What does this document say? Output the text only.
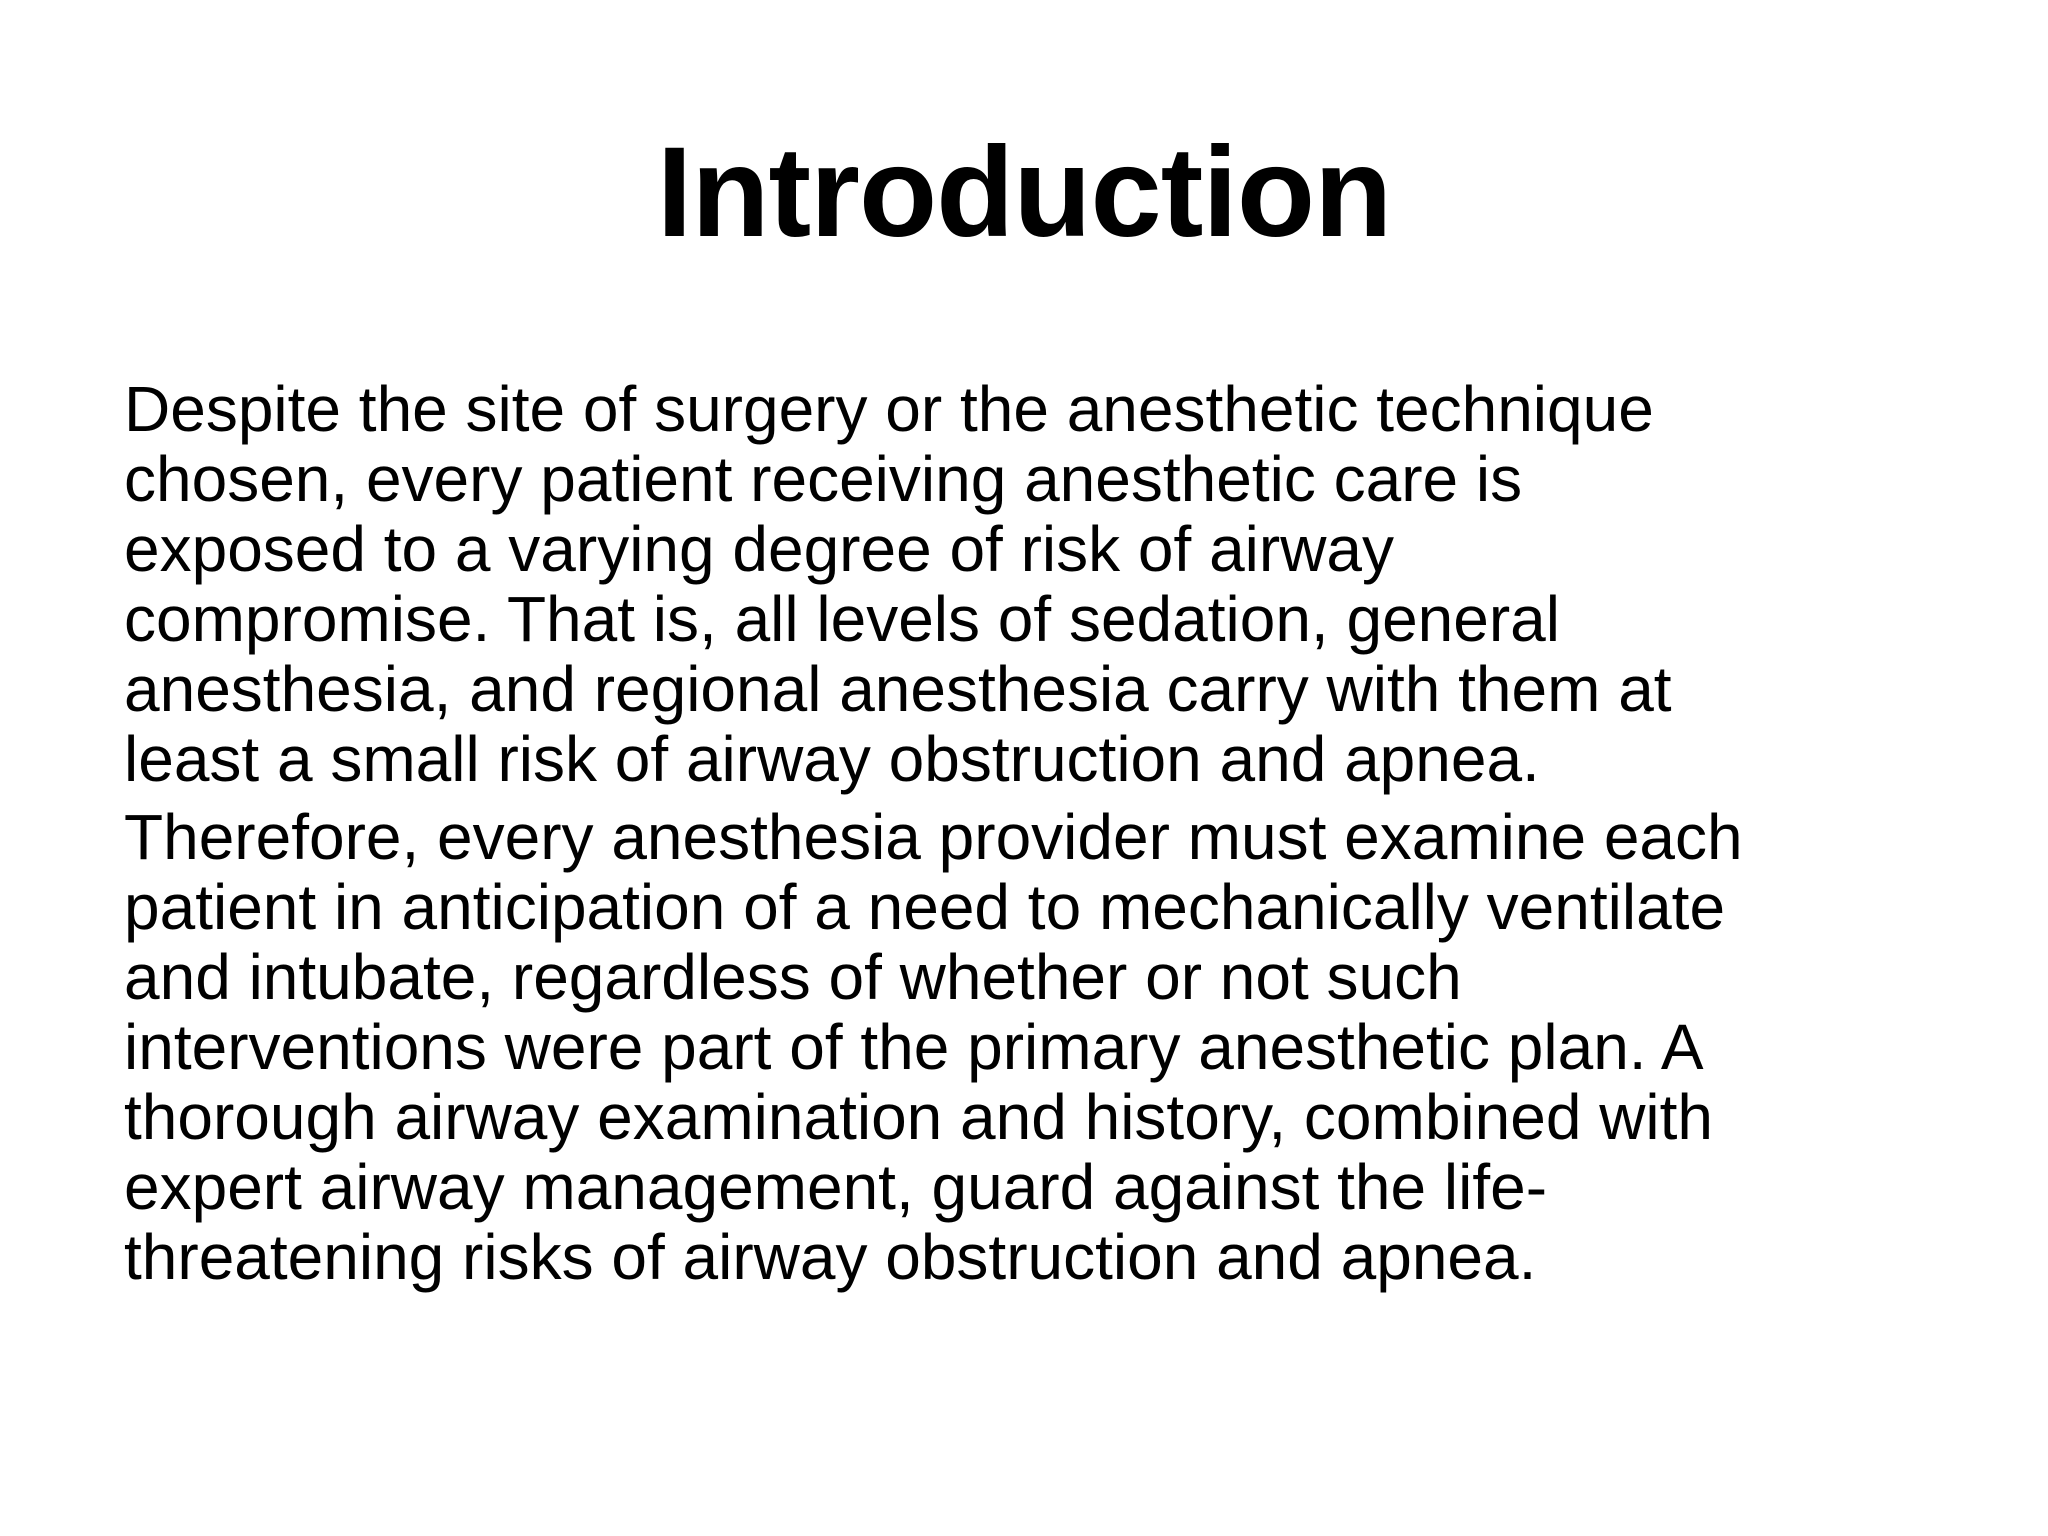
Introduction
Despite the site of surgery or the anesthetic technique
chosen, every patient receiving anesthetic care is
exposed to a varying degree of risk of airway
compromise. That is, all levels of sedation, general
anesthesia, and regional anesthesia carry with them at
least a small risk of airway obstruction and apnea.
Therefore, every anesthesia provider must examine each
patient in anticipation of a need to mechanically ventilate
and intubate, regardless of whether or not such
interventions were part of the primary anesthetic plan. A
thorough airway examination and history, combined with
expert airway management, guard against the life-
threatening risks of airway obstruction and apnea.
